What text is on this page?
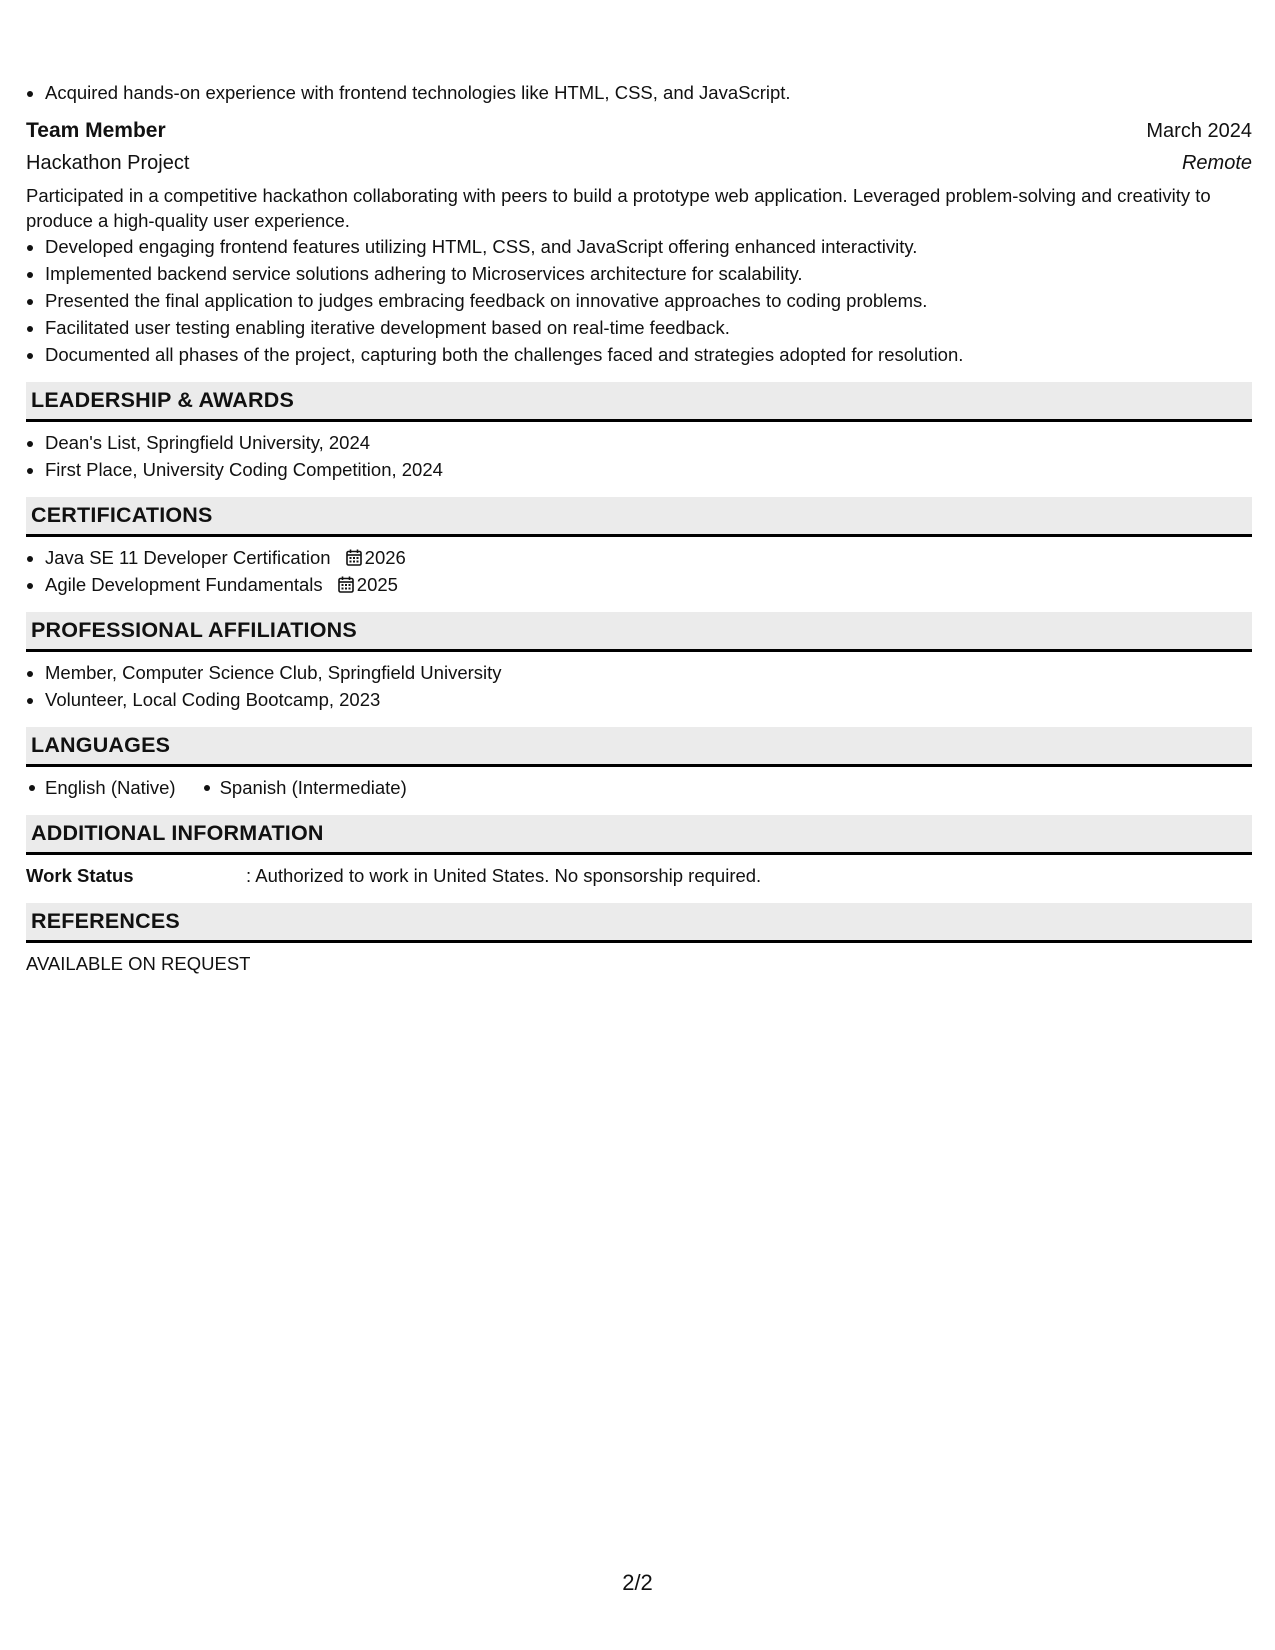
• Acquired hands-on experience with frontend technologies like HTML, CSS, and JavaScript.
Team Member	March 2024
Hackathon Project	Remote
Participated in a competitive hackathon collaborating with peers to build a prototype web application. Leveraged problem-solving and creativity to produce a high-quality user experience.
• Developed engaging frontend features utilizing HTML, CSS, and JavaScript offering enhanced interactivity.
• Implemented backend service solutions adhering to Microservices architecture for scalability.
• Presented the final application to judges embracing feedback on innovative approaches to coding problems.
• Facilitated user testing enabling iterative development based on real-time feedback.
• Documented all phases of the project, capturing both the challenges faced and strategies adopted for resolution.
LEADERSHIP & AWARDS
• Dean's List, Springfield University, 2024
• First Place, University Coding Competition, 2024
CERTIFICATIONS
• Java SE 11 Developer Certification 2026
• Agile Development Fundamentals 2025
PROFESSIONAL AFFILIATIONS
• Member, Computer Science Club, Springfield University
• Volunteer, Local Coding Bootcamp, 2023
LANGUAGES
English (Native)	Spanish (Intermediate)
ADDITIONAL INFORMATION
Work Status	: Authorized to work in United States. No sponsorship required.
REFERENCES
AVAILABLE ON REQUEST
2/2
